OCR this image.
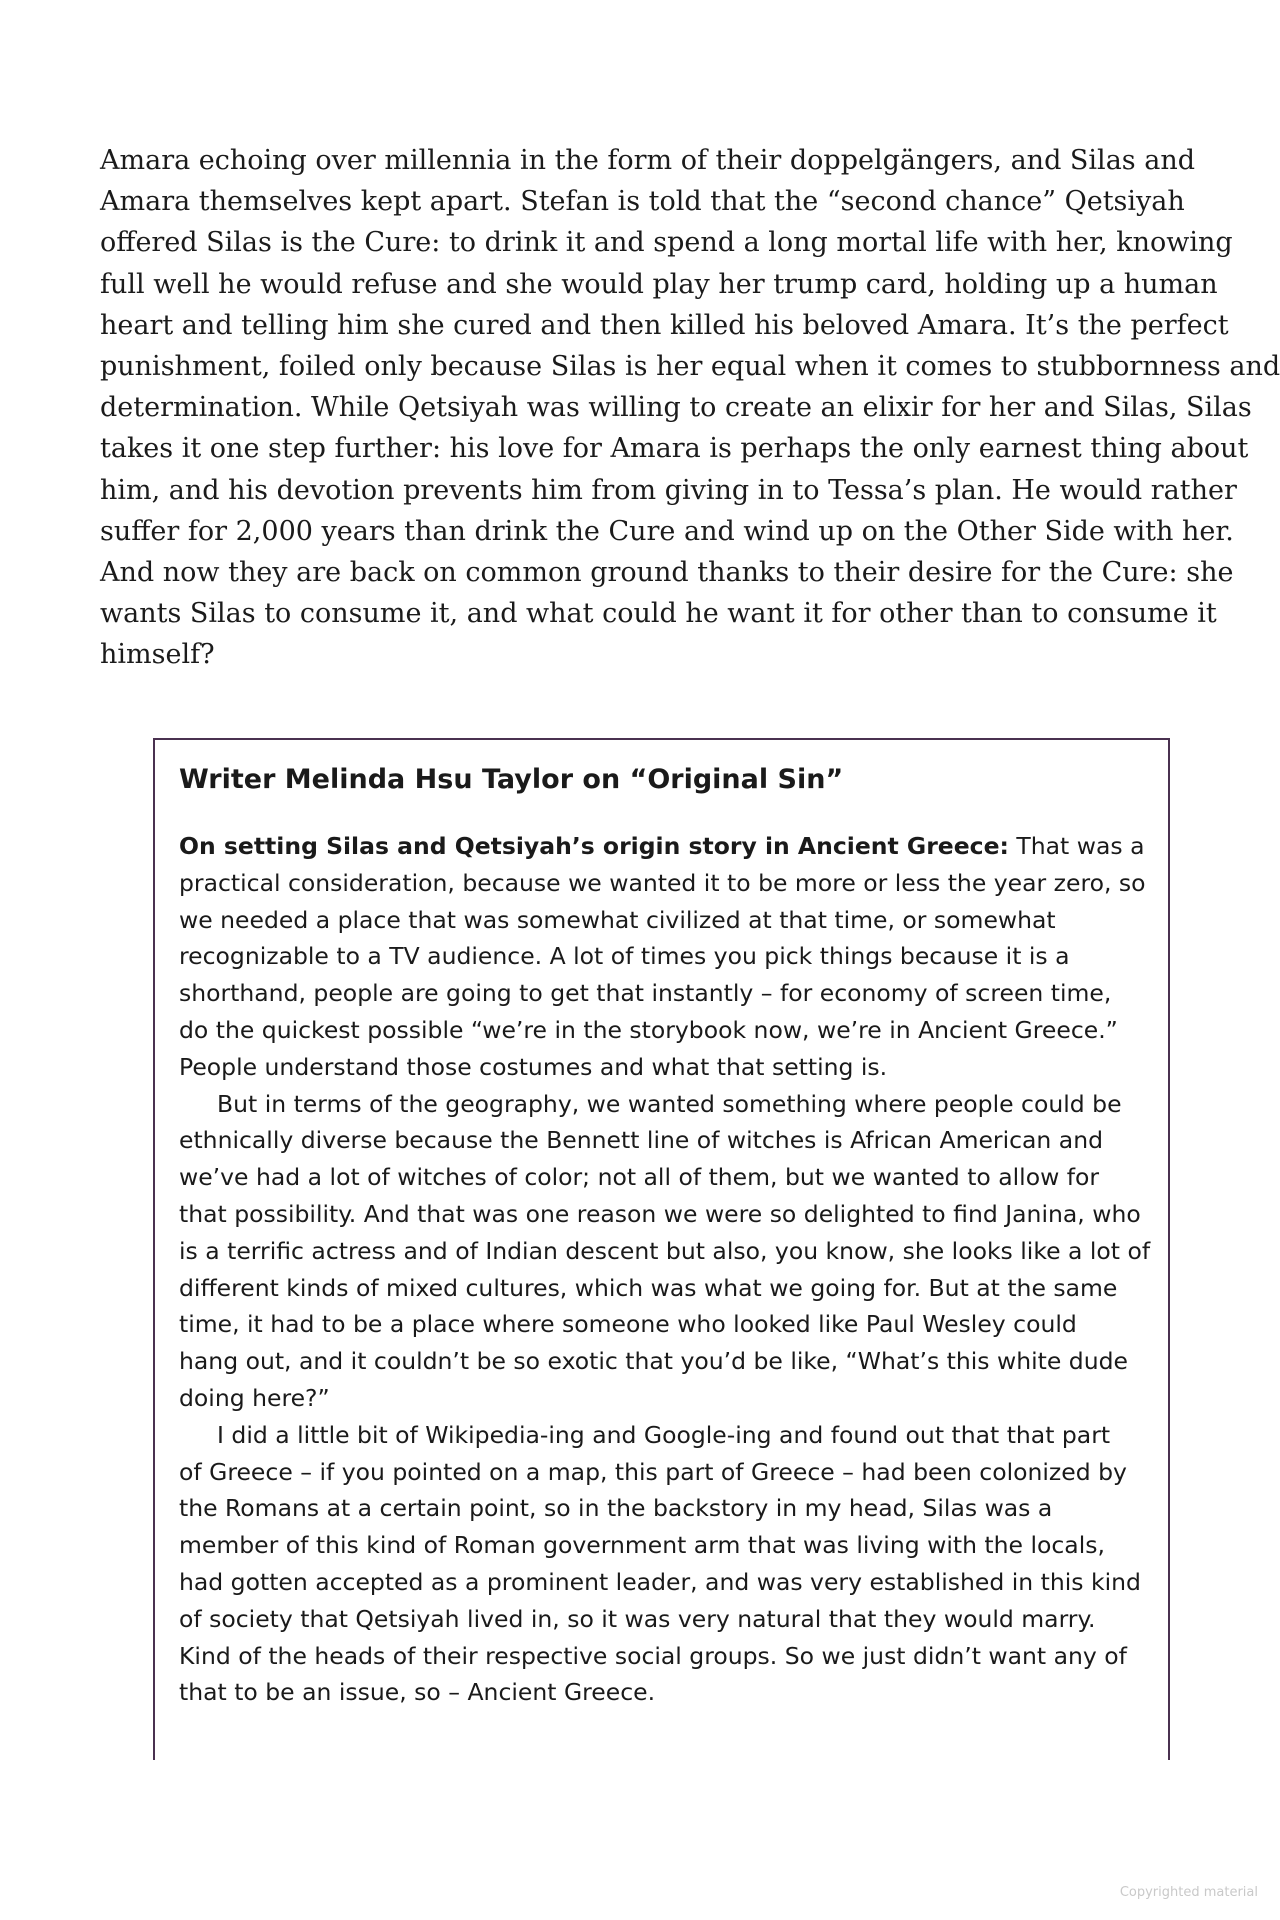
Amara echoing over millennia in the form of their doppelgängers, and Silas and
Amara themselves kept apart. Stefan is told that the “second chance” Qetsiyah
offered Silas is the Cure: to drink it and spend a long mortal life with her, knowing
full well he would refuse and she would play her trump card, holding up a human
heart and telling him she cured and then killed his beloved Amara. It’s the perfect
punishment, foiled only because Silas is her equal when it comes to stubbornness and
determination. While Qetsiyah was willing to create an elixir for her and Silas, Silas
takes it one step further: his love for Amara is perhaps the only earnest thing about
him, and his devotion prevents him from giving in to Tessa’s plan. He would rather
suffer for 2,000 years than drink the Cure and wind up on the Other Side with her.
And now they are back on common ground thanks to their desire for the Cure: she
wants Silas to consume it, and what could he want it for other than to consume it
himself?
Writer Melinda Hsu Taylor on “Original Sin”
On setting Silas and Qetsiyah’s origin story in Ancient Greece: That was a
practical consideration, because we wanted it to be more or less the year zero, so
we needed a place that was somewhat civilized at that time, or somewhat
recognizable to a TV audience. A lot of times you pick things because it is a
shorthand, people are going to get that instantly – for economy of screen time,
do the quickest possible “we’re in the storybook now, we’re in Ancient Greece.”
People understand those costumes and what that setting is.
But in terms of the geography, we wanted something where people could be
ethnically diverse because the Bennett line of witches is African American and
we’ve had a lot of witches of color; not all of them, but we wanted to allow for
that possibility. And that was one reason we were so delighted to find Janina, who
is a terrific actress and of Indian descent but also, you know, she looks like a lot of
different kinds of mixed cultures, which was what we going for. But at the same
time, it had to be a place where someone who looked like Paul Wesley could
hang out, and it couldn’t be so exotic that you’d be like, “What’s this white dude
doing here?”
I did a little bit of Wikipedia-ing and Google-ing and found out that that part
of Greece – if you pointed on a map, this part of Greece – had been colonized by
the Romans at a certain point, so in the backstory in my head, Silas was a
member of this kind of Roman government arm that was living with the locals,
had gotten accepted as a prominent leader, and was very established in this kind
of society that Qetsiyah lived in, so it was very natural that they would marry.
Kind of the heads of their respective social groups. So we just didn’t want any of
that to be an issue, so – Ancient Greece.
Copyrighted material
